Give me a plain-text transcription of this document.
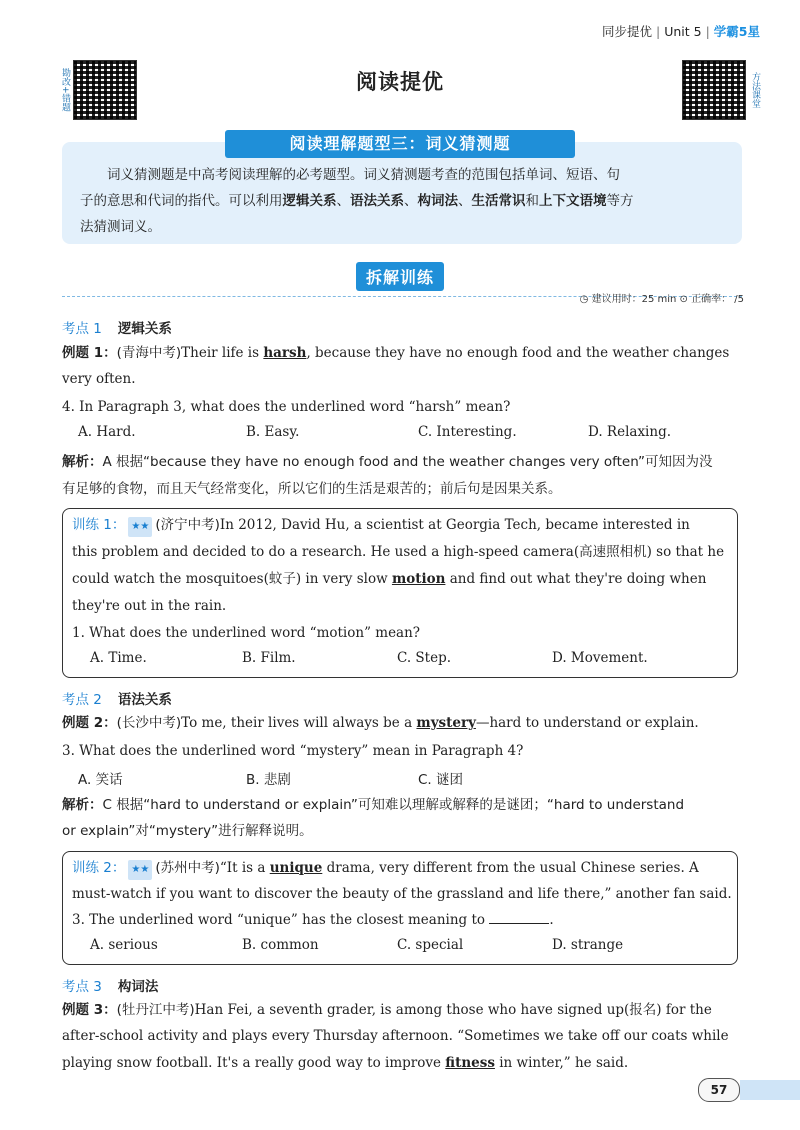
同步提优 | Unit 5 | 学霸5星
勘改+错题	方法课堂
阅读提优
阅读理解题型三：词义猜测题
词义猜测题是中高考阅读理解的必考题型。词义猜测题考查的范围包括单词、短语、句
子的意思和代词的指代。可以利用逻辑关系、语法关系、构词法、生活常识和上下文语境等方
法猜测词义。
拆解训练
◷ 建议用时：25 min ⊙ 正确率： /5
考点 1 逻辑关系
例题 1：(青海中考)Their life is harsh, because they have no enough food and the weather changes
very often.
4. In Paragraph 3, what does the underlined word “harsh” mean?
A. Hard.	B. Easy.	C. Interesting.	D. Relaxing.
解析：A 根据“because they have no enough food and the weather changes very often”可知因为没
有足够的食物，而且天气经常变化，所以它们的生活是艰苦的；前后句是因果关系。
训练 1： ★★ (济宁中考)In 2012, David Hu, a scientist at Georgia Tech, became interested in
this problem and decided to do a research. He used a high-speed camera(高速照相机) so that he
could watch the mosquitoes(蚊子) in very slow motion and find out what they're doing when
they're out in the rain.
1. What does the underlined word “motion” mean?
A. Time.	B. Film.	C. Step.	D. Movement.
考点 2 语法关系
例题 2：(长沙中考)To me, their lives will always be a mystery—hard to understand or explain.
3. What does the underlined word “mystery” mean in Paragraph 4?
A. 笑话	B. 悲剧	C. 谜团
解析：C 根据“hard to understand or explain”可知难以理解或解释的是谜团；“hard to understand
or explain”对“mystery”进行解释说明。
训练 2： ★★ (苏州中考)“It is a unique drama, very different from the usual Chinese series. A
must-watch if you want to discover the beauty of the grassland and life there,” another fan said.
3. The underlined word “unique” has the closest meaning to	.
A. serious	B. common	C. special	D. strange
考点 3 构词法
例题 3：(牡丹江中考)Han Fei, a seventh grader, is among those who have signed up(报名) for the
after-school activity and plays every Thursday afternoon. “Sometimes we take off our coats while
playing snow football. It's a really good way to improve fitness in winter,” he said.
57
